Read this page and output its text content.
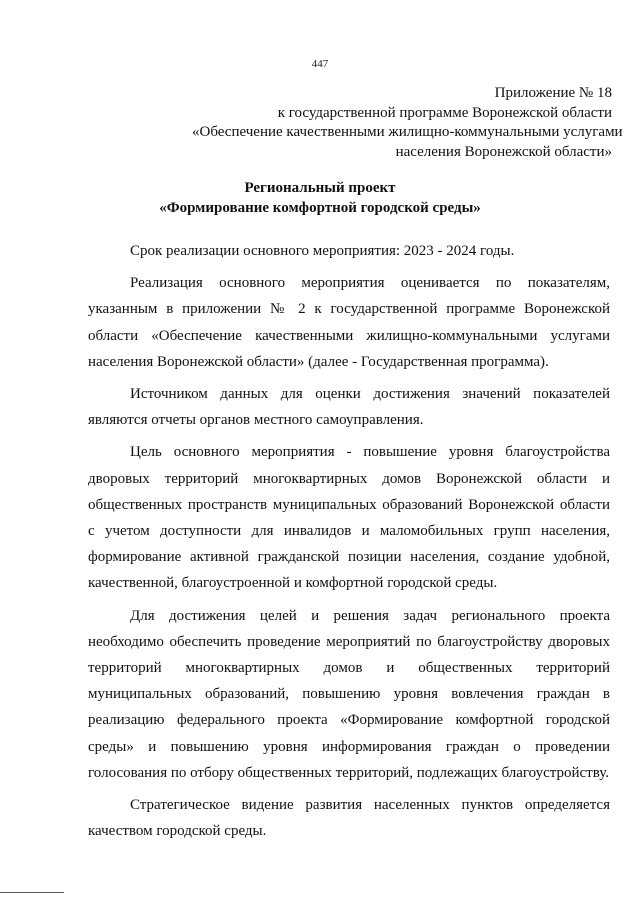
447
Приложение № 18
к государственной программе Воронежской области
«Обеспечение качественными жилищно-коммунальными услугами
населения Воронежской области»
Региональный проект
«Формирование комфортной городской среды»

Срок реализации основного мероприятия: 2023 - 2024 годы.

Реализация основного мероприятия оценивается по показателям, указанным в приложении № 2 к государственной программе Воронежской области «Обеспечение качественными жилищно-коммунальными услугами населения Воронежской области» (далее - Государственная программа).

Источником данных для оценки достижения значений показателей являются отчеты органов местного самоуправления.

Цель основного мероприятия - повышение уровня благоустройства дворовых территорий многоквартирных домов Воронежской области и общественных пространств муниципальных образований Воронежской области с учетом доступности для инвалидов и маломобильных групп населения, формирование активной гражданской позиции населения, создание удобной, качественной, благоустроенной и комфортной городской среды.

Для достижения целей и решения задач регионального проекта необходимо обеспечить проведение мероприятий по благоустройству дворовых территорий многоквартирных домов и общественных территорий муниципальных образований, повышению уровня вовлечения граждан в реализацию федерального проекта «Формирование комфортной городской среды» и повышению уровня информирования граждан о проведении голосования по отбору общественных территорий, подлежащих благоустройству.

Стратегическое видение развития населенных пунктов определяется качеством городской среды.
